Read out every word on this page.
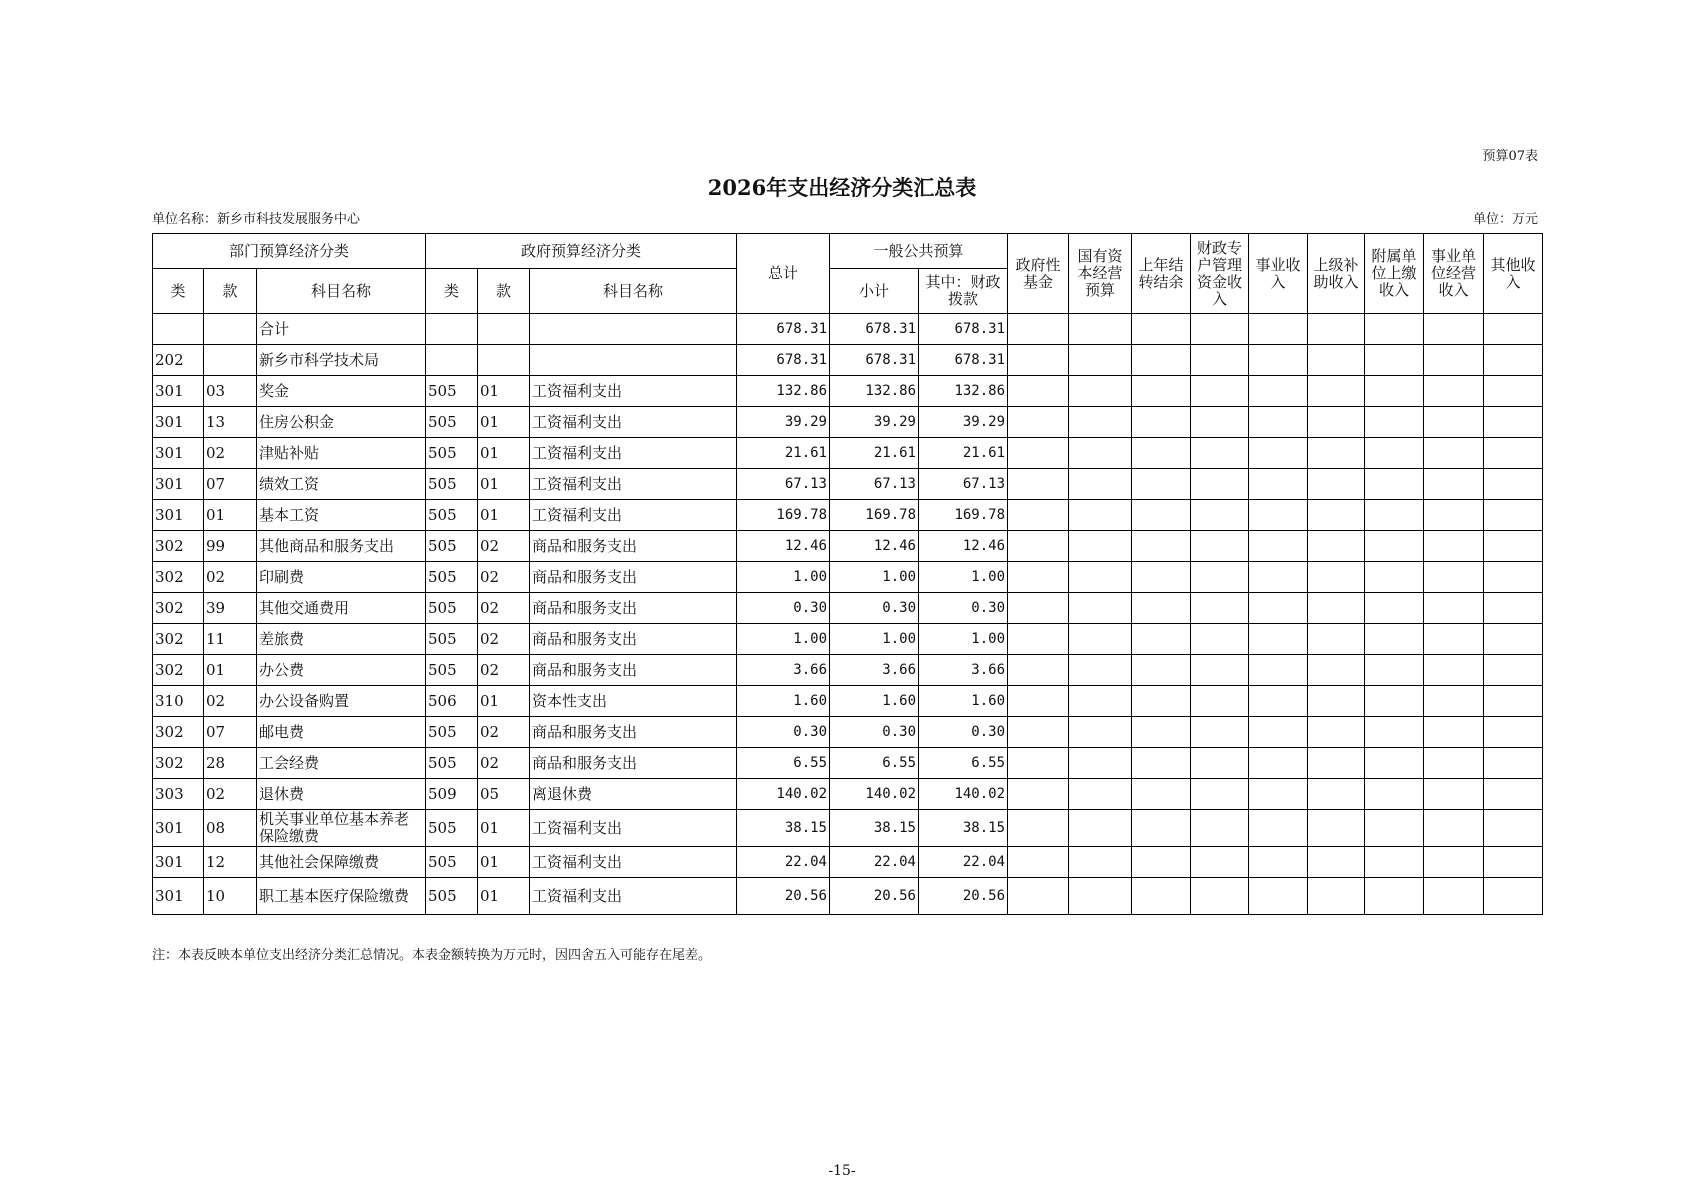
预算07表
2026年支出经济分类汇总表
单位名称：新乡市科技发展服务中心	单位：万元
部门预算经济分类			政府预算经济分类			总计	一般公共预算		政府性基金	国有资本经营预算	上年结转结余	财政专户管理资金收入	事业收入	上级补助收入	附属单位上缴收入	事业单位经营收入	其他收入
类	款	科目名称	类	款	科目名称		小计	其中：财政拨款									
		合计				678.31	678.31	678.31									
202		新乡市科学技术局				678.31	678.31	678.31									
301	03	奖金	505	01	工资福利支出	132.86	132.86	132.86									
301	13	住房公积金	505	01	工资福利支出	39.29	39.29	39.29									
301	02	津贴补贴	505	01	工资福利支出	21.61	21.61	21.61									
301	07	绩效工资	505	01	工资福利支出	67.13	67.13	67.13									
301	01	基本工资	505	01	工资福利支出	169.78	169.78	169.78									
302	99	其他商品和服务支出	505	02	商品和服务支出	12.46	12.46	12.46									
302	02	印刷费	505	02	商品和服务支出	1.00	1.00	1.00									
302	39	其他交通费用	505	02	商品和服务支出	0.30	0.30	0.30									
302	11	差旅费	505	02	商品和服务支出	1.00	1.00	1.00									
302	01	办公费	505	02	商品和服务支出	3.66	3.66	3.66									
310	02	办公设备购置	506	01	资本性支出	1.60	1.60	1.60									
302	07	邮电费	505	02	商品和服务支出	0.30	0.30	0.30									
302	28	工会经费	505	02	商品和服务支出	6.55	6.55	6.55									
303	02	退休费	509	05	离退休费	140.02	140.02	140.02									
301	08	机关事业单位基本养老保险缴费	505	01	工资福利支出	38.15	38.15	38.15									
301	12	其他社会保障缴费	505	01	工资福利支出	22.04	22.04	22.04									
301	10	职工基本医疗保险缴费	505	01	工资福利支出	20.56	20.56	20.56									
注：本表反映本单位支出经济分类汇总情况。本表金额转换为万元时，因四舍五入可能存在尾差。
-15-
